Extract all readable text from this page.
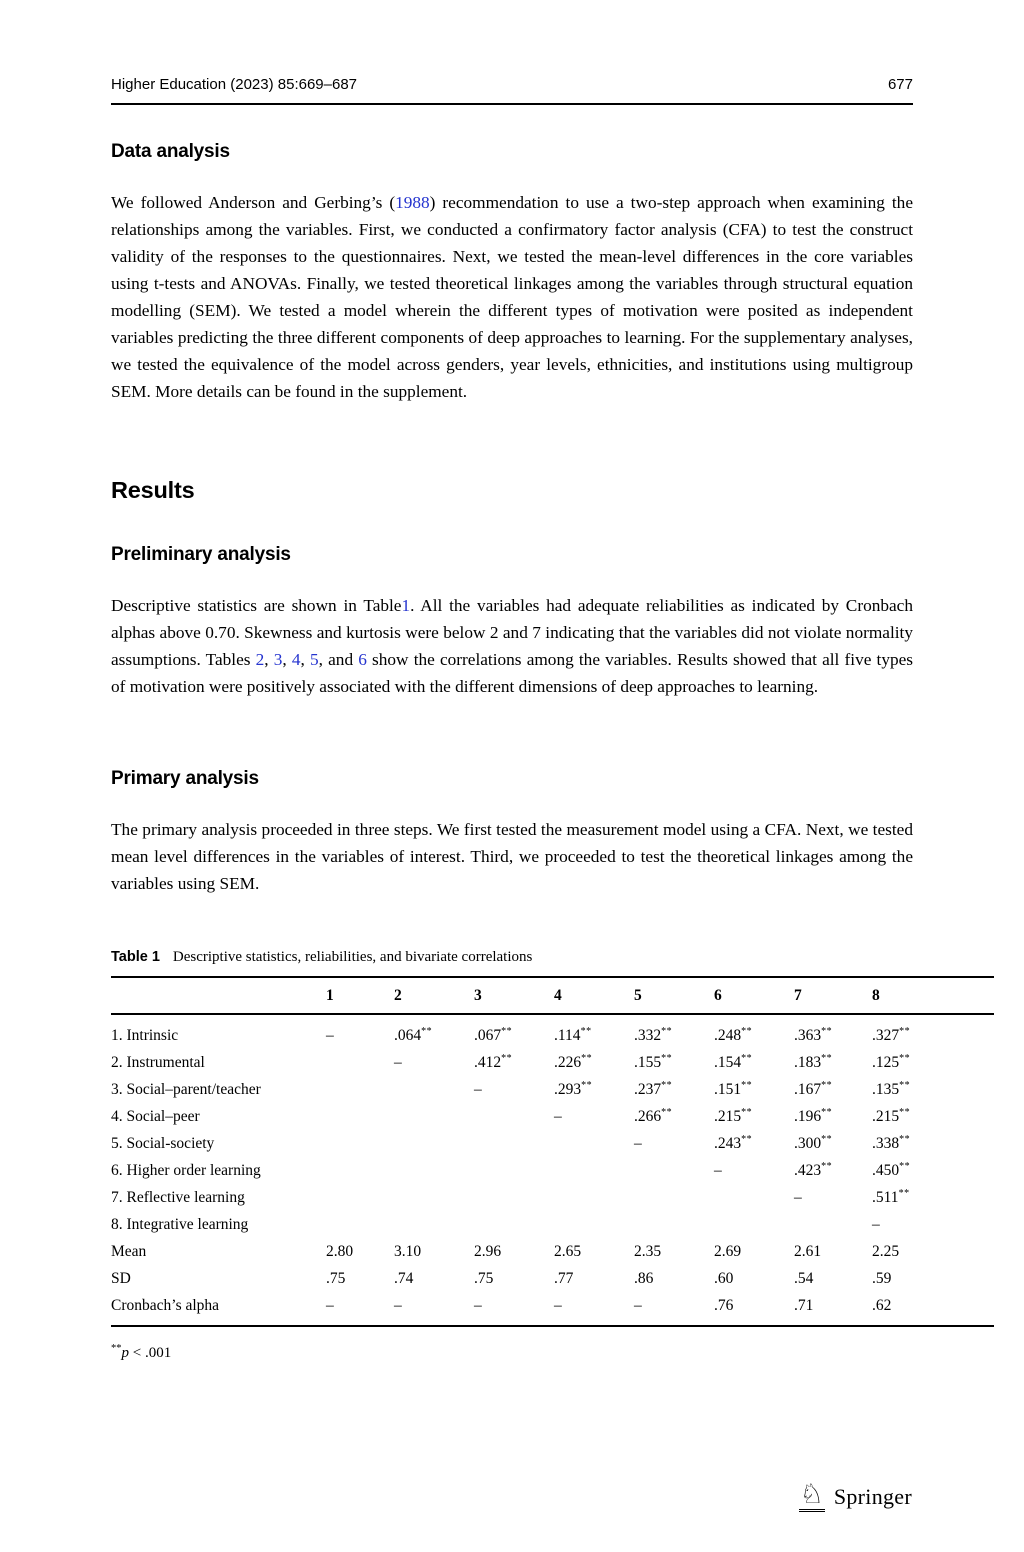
Higher Education (2023) 85:669–687	677
Data analysis

We followed Anderson and Gerbing’s (1988) recommendation to use a two-step approach when examining the relationships among the variables. First, we conducted a confirmatory factor analysis (CFA) to test the construct validity of the responses to the questionnaires. Next, we tested the mean-level differences in the core variables using t-tests and ANOVAs. Finally, we tested theoretical linkages among the variables through structural equation modelling (SEM). We tested a model wherein the different types of motivation were posited as independent variables predicting the three different components of deep approaches to learning. For the supplementary analyses, we tested the equivalence of the model across genders, year levels, ethnicities, and institutions using multigroup SEM. More details can be found in the supplement.

Results
Preliminary analysis

Descriptive statistics are shown in Table1. All the variables had adequate reliabilities as indicated by Cronbach alphas above 0.70. Skewness and kurtosis were below 2 and 7 indicating that the variables did not violate normality assumptions. Tables 2, 3, 4, 5, and 6 show the correlations among the variables. Results showed that all five types of motivation were positively associated with the different dimensions of deep approaches to learning.

Primary analysis

The primary analysis proceeded in three steps. We first tested the measurement model using a CFA. Next, we tested mean level differences in the variables of interest. Third, we proceeded to test the theoretical linkages among the variables using SEM.

Table 1 Descriptive statistics, reliabilities, and bivariate correlations
	1	2	3	4	5	6	7	8	
1. Intrinsic	–	.064**	.067**	.114**	.332**	.248**	.363**	.327**	
2. Instrumental		–	.412**	.226**	.155**	.154**	.183**	.125**	
3. Social–parent/teacher			–	.293**	.237**	.151**	.167**	.135**	
4. Social–peer				–	.266**	.215**	.196**	.215**	
5. Social-society					–	.243**	.300**	.338**	
6. Higher order learning						–	.423**	.450**	
7. Reflective learning							–	.511**	
8. Integrative learning								–	
Mean	2.80	3.10	2.96	2.65	2.35	2.69	2.61	2.25	
SD	.75	.74	.75	.77	.86	.60	.54	.59	
Cronbach’s alpha	–	–	–	–	–	.76	.71	.62	
**p < .001
♘ Springer
